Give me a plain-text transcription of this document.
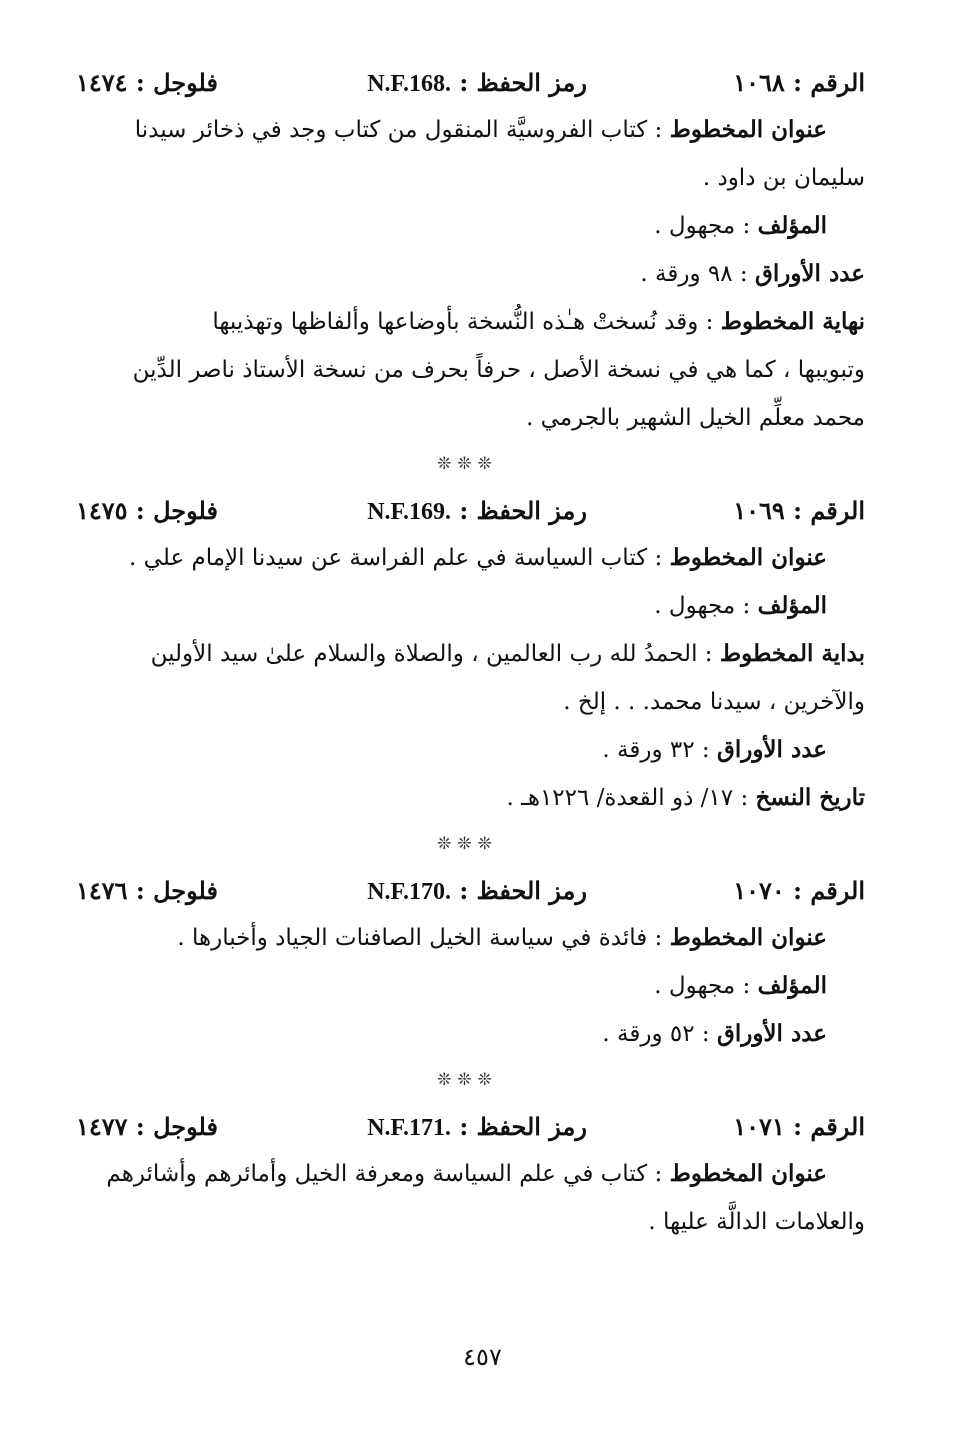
الرقم : ١٠٦٨
رمز الحفظ : N.F.168.
فلوجل : ١٤٧٤
عنوان المخطوط : كتاب الفروسيَّة المنقول من كتاب وجد في ذخائر سيدنا
سليمان بن داود .
المؤلف : مجهول .
عدد الأوراق : ٩٨ ورقة .
نهاية المخطوط : وقد نُسختْ هـٰذه النُّسخة بأوضاعها وألفاظها وتهذيبها
وتبويبها ، كما هي في نسخة الأصل ، حرفاً بحرف من نسخة الأستاذ ناصر الدِّين
محمد معلِّم الخيل الشهير بالجرمي .
❊❊❊
الرقم : ١٠٦٩
رمز الحفظ : N.F.169.
فلوجل : ١٤٧٥
عنوان المخطوط : كتاب السياسة في علم الفراسة عن سيدنا الإمام علي .
المؤلف : مجهول .
بداية المخطوط : الحمدُ لله رب العالمين ، والصلاة والسلام علىٰ سيد الأولين
والآخرين ، سيدنا محمد. . . إلخ .
عدد الأوراق : ٣٢ ورقة .
تاريخ النسخ : ١٧/ ذو القعدة/ ١٢٢٦هـ .
❊❊❊
الرقم : ١٠٧٠
رمز الحفظ : N.F.170.
فلوجل : ١٤٧٦
عنوان المخطوط : فائدة في سياسة الخيل الصافنات الجياد وأخبارها .
المؤلف : مجهول .
عدد الأوراق : ٥٢ ورقة .
❊❊❊
الرقم : ١٠٧١
رمز الحفظ : N.F.171.
فلوجل : ١٤٧٧
عنوان المخطوط : كتاب في علم السياسة ومعرفة الخيل وأمائرهم وأشائرهم
والعلامات الدالَّة عليها .
٤٥٧
